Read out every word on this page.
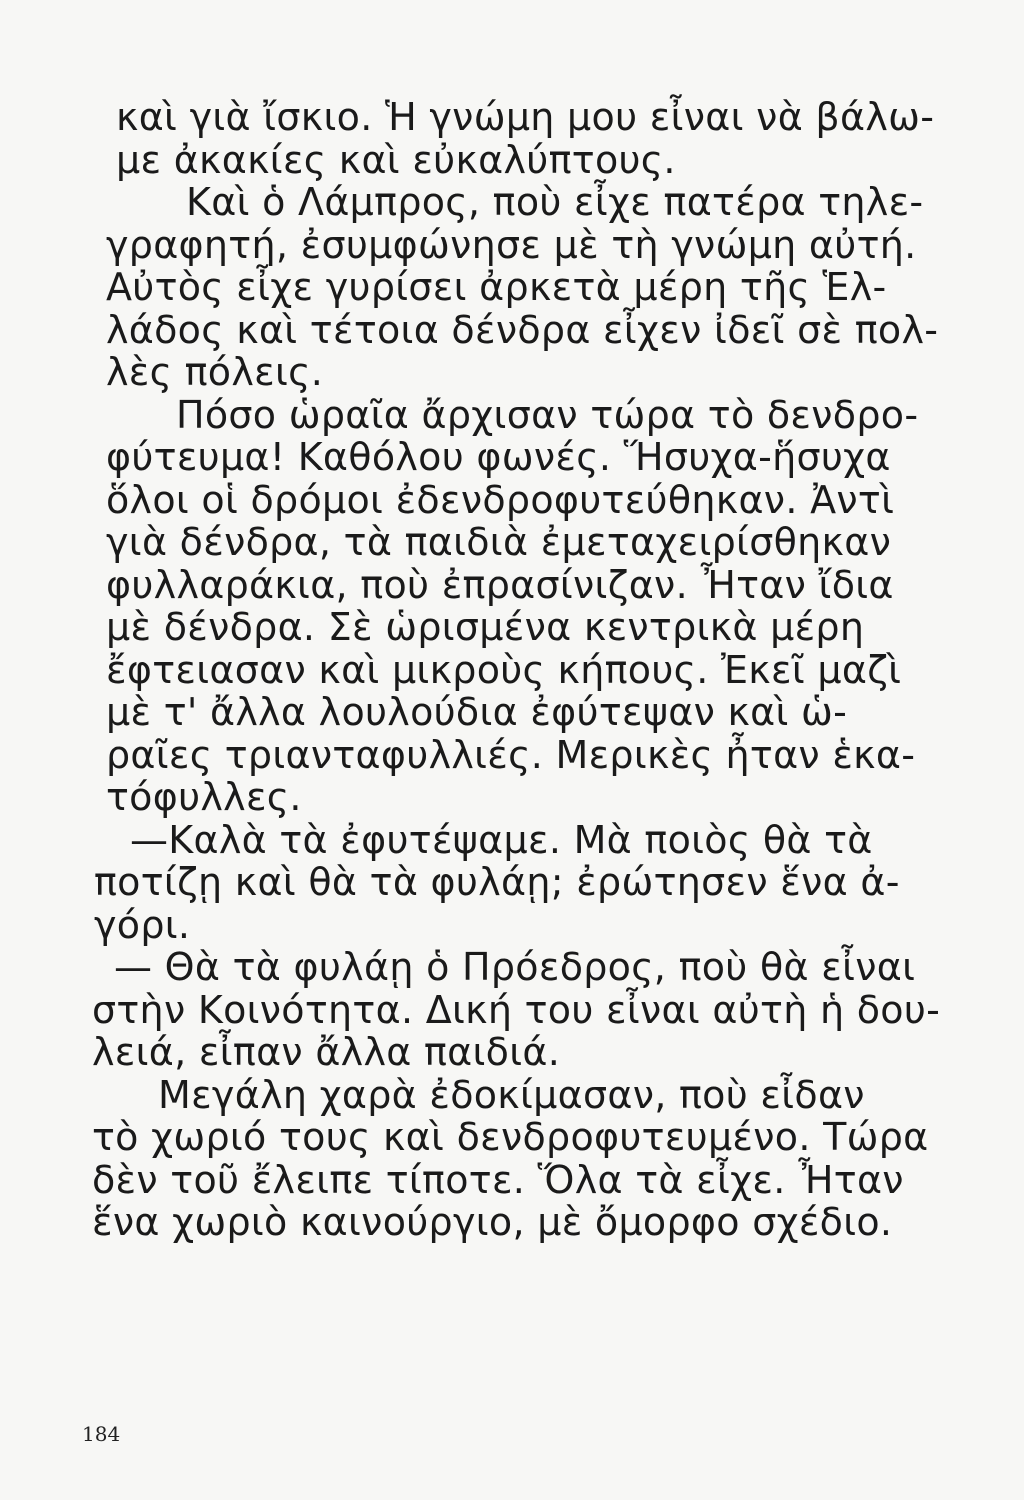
καὶ γιὰ ἴσκιο. Ἡ γνώμη μου εἶναι νὰ βάλω-
με ἀκακίες καὶ εὐκαλύπτους.
Καὶ ὁ Λάμπρος, ποὺ εἶχε πατέρα τηλε-
γραφητή, ἐσυμφώνησε μὲ τὴ γνώμη αὐτή.
Αὐτὸς εἶχε γυρίσει ἀρκετὰ μέρη τῆς Ἑλ-
λάδος καὶ τέτοια δένδρα εἶχεν ἰδεῖ σὲ πολ-
λὲς πόλεις.
Πόσο ὡραῖα ἄρχισαν τώρα τὸ δενδρο-
φύτευμα! Καθόλου φωνές. Ἥσυχα-ἥσυχα
ὅλοι οἱ δρόμοι ἐδενδροφυτεύθηκαν. Ἀντὶ
γιὰ δένδρα, τὰ παιδιὰ ἐμεταχειρίσθηκαν
φυλλαράκια, ποὺ ἐπρασίνιζαν. Ἦταν ἴδια
μὲ δένδρα. Σὲ ὡρισμένα κεντρικὰ μέρη
ἔφτειασαν καὶ μικροὺς κήπους. Ἐκεῖ μαζὶ
μὲ τ' ἄλλα λουλούδια ἐφύτεψαν καὶ ὡ-
ραῖες τριανταφυλλιές. Μερικὲς ἦταν ἑκα-
τόφυλλες.
—Καλὰ τὰ ἐφυτέψαμε. Μὰ ποιὸς θὰ τὰ
ποτίζῃ καὶ θὰ τὰ φυλάῃ; ἐρώτησεν ἕνα ἀ-
γόρι.
— Θὰ τὰ φυλάῃ ὁ Πρόεδρος, ποὺ θὰ εἶναι
στὴν Κοινότητα. Δική του εἶναι αὐτὴ ἡ δου-
λειά, εἶπαν ἄλλα παιδιά.
Μεγάλη χαρὰ ἐδοκίμασαν, ποὺ εἶδαν
τὸ χωριό τους καὶ δενδροφυτευμένο. Τώρα
δὲν τοῦ ἔλειπε τίποτε. Ὅλα τὰ εἶχε. Ἦταν
ἕνα χωριὸ καινούργιο, μὲ ὄμορφο σχέδιο.
184
